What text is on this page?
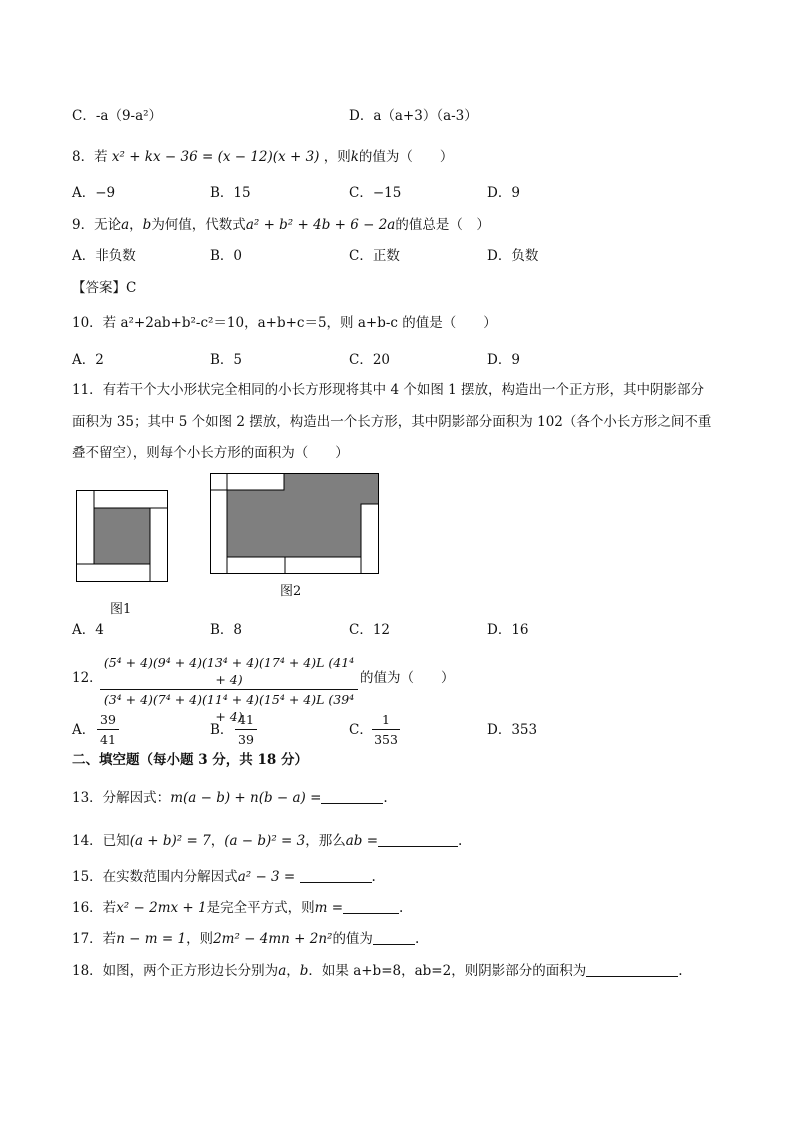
C．-a（9-a²）	D．a（a+3）（a-3）
8．若 x² + kx − 36 = (x − 12)(x + 3) ，则k的值为（　　）
A．−9	B．15	C．−15	D．9
9．无论a，b为何值，代数式a² + b² + 4b + 6 − 2a的值总是（　）
A．非负数	B．0	C．正数	D．负数
【答案】C
10．若 a²+2ab+b²-c²＝10，a+b+c＝5，则 a+b-c 的值是（　　）
A．2	B．5	C．20	D．9
11．有若干个大小形状完全相同的小长方形现将其中 4 个如图 1 摆放，构造出一个正方形，其中阴影部分
面积为 35；其中 5 个如图 2 摆放，构造出一个长方形，其中阴影部分面积为 102（各个小长方形之间不重
叠不留空），则每个小长方形的面积为（　　）
图1
图2
A．4	B．8	C．12	D．16
12．
$\frac{\text{(5⁴ + 4)(9⁴ + 4)(13⁴ + 4)(17⁴ + 4)L (41⁴ + 4)}}{\text{(3⁴ + 4)(7⁴ + 4)(11⁴ + 4)(15⁴ + 4)L (39⁴ + 4)}}$ 的值为（　　）
A． $\frac{39}{41}$	B． $\frac{41}{39}$	C． $\frac{1}{353}$	D．353
二、填空题（每小题 3 分，共 18 分）
13．分解因式：m(a − b) + n(b − a) =	.
14．已知(a + b)² = 7，(a − b)² = 3，那么ab =	.
15．在实数范围内分解因式a² − 3 =	.
16．若x² − 2mx + 1是完全平方式，则m =	.
17．若n − m = 1，则2m² − 4mn + 2n²的值为	.
18．如图，两个正方形边长分别为a，b．如果 a+b=8，ab=2，则阴影部分的面积为	.
